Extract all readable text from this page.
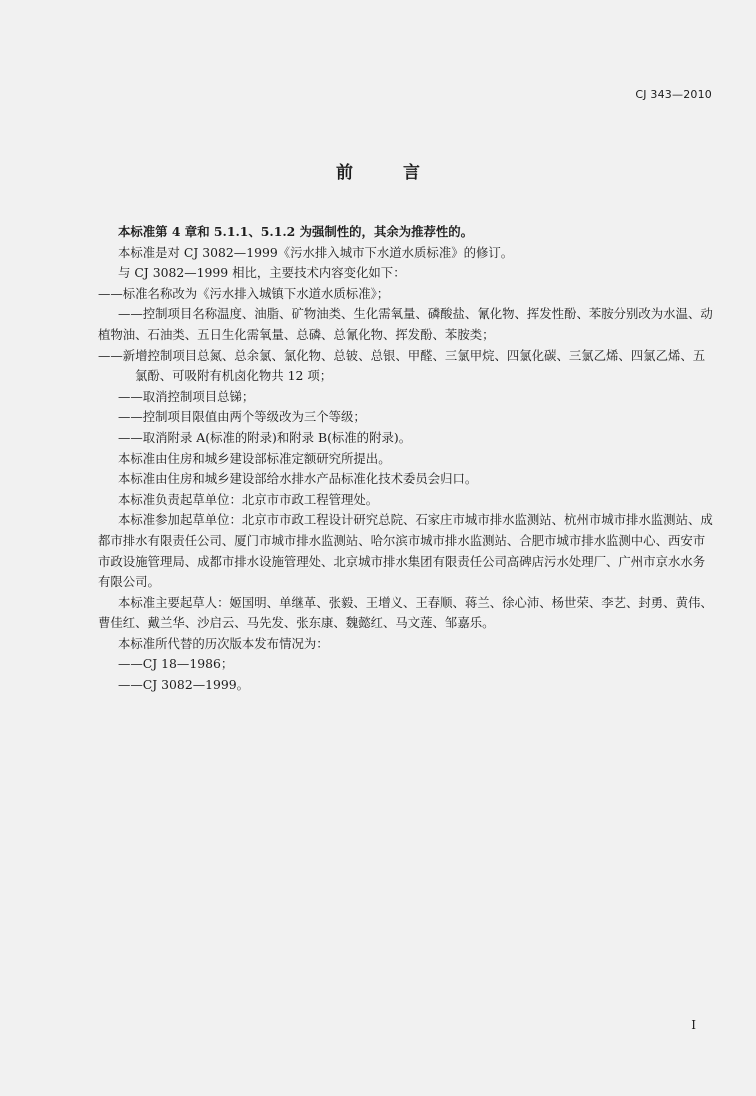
CJ 343—2010
前 言

本标准第 4 章和 5.1.1、5.1.2 为强制性的，其余为推荐性的。

本标准是对 CJ 3082—1999《污水排入城市下水道水质标准》的修订。

与 CJ 3082—1999 相比，主要技术内容变化如下：

——标准名称改为《污水排入城镇下水道水质标准》；

——控制项目名称温度、油脂、矿物油类、生化需氧量、磷酸盐、氰化物、挥发性酚、苯胺分别改为水温、动植物油、石油类、五日生化需氧量、总磷、总氰化物、挥发酚、苯胺类；

——新增控制项目总氮、总余氯、氯化物、总铍、总银、甲醛、三氯甲烷、四氯化碳、三氯乙烯、四氯乙烯、五氯酚、可吸附有机卤化物共 12 项；

——取消控制项目总锑；

——控制项目限值由两个等级改为三个等级；

——取消附录 A(标准的附录)和附录 B(标准的附录)。

本标准由住房和城乡建设部标准定额研究所提出。

本标准由住房和城乡建设部给水排水产品标准化技术委员会归口。

本标准负责起草单位：北京市市政工程管理处。

本标准参加起草单位：北京市市政工程设计研究总院、石家庄市城市排水监测站、杭州市城市排水监测站、成都市排水有限责任公司、厦门市城市排水监测站、哈尔滨市城市排水监测站、合肥市城市排水监测中心、西安市市政设施管理局、成都市排水设施管理处、北京城市排水集团有限责任公司高碑店污水处理厂、广州市京水水务有限公司。

本标准主要起草人：姬国明、单继革、张毅、王增义、王春顺、蒋兰、徐心沛、杨世荣、李艺、封勇、黄伟、曹佳红、戴兰华、沙启云、马先发、张东康、魏懿红、马文莲、邹嘉乐。

本标准所代替的历次版本发布情况为：

——CJ 18—1986；

——CJ 3082—1999。

I
